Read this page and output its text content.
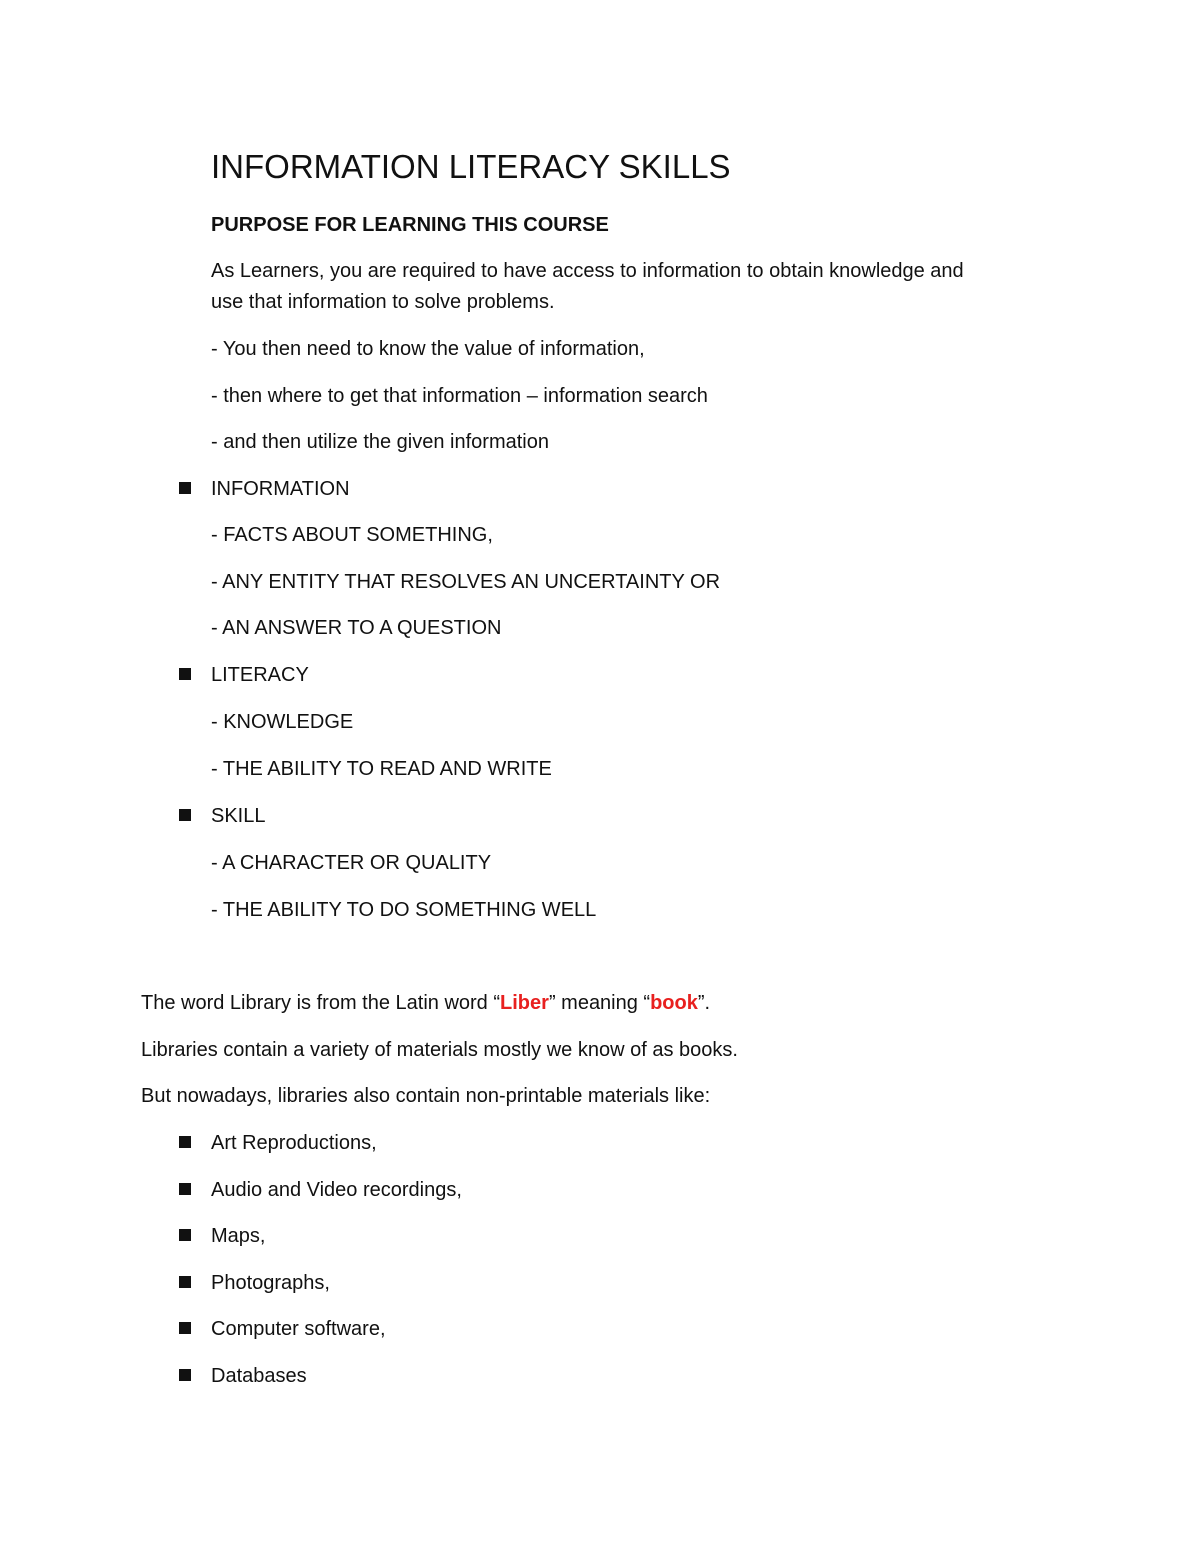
INFORMATION LITERACY SKILLS
PURPOSE FOR LEARNING THIS COURSE
As Learners, you are required to have access to information to obtain knowledge and
use that information to solve problems.
- You then need to know the value of information,
- then where to get that information – information search
- and then utilize the given information
INFORMATION
- FACTS ABOUT SOMETHING,
- ANY ENTITY THAT RESOLVES AN UNCERTAINTY OR
- AN ANSWER TO A QUESTION
LITERACY
- KNOWLEDGE
- THE ABILITY TO READ AND WRITE
SKILL
- A CHARACTER OR QUALITY
- THE ABILITY TO DO SOMETHING WELL
The word Library is from the Latin word “Liber” meaning “book”.
Libraries contain a variety of materials mostly we know of as books.
But nowadays, libraries also contain non-printable materials like:
Art Reproductions,
Audio and Video recordings,
Maps,
Photographs,
Computer software,
Databases
